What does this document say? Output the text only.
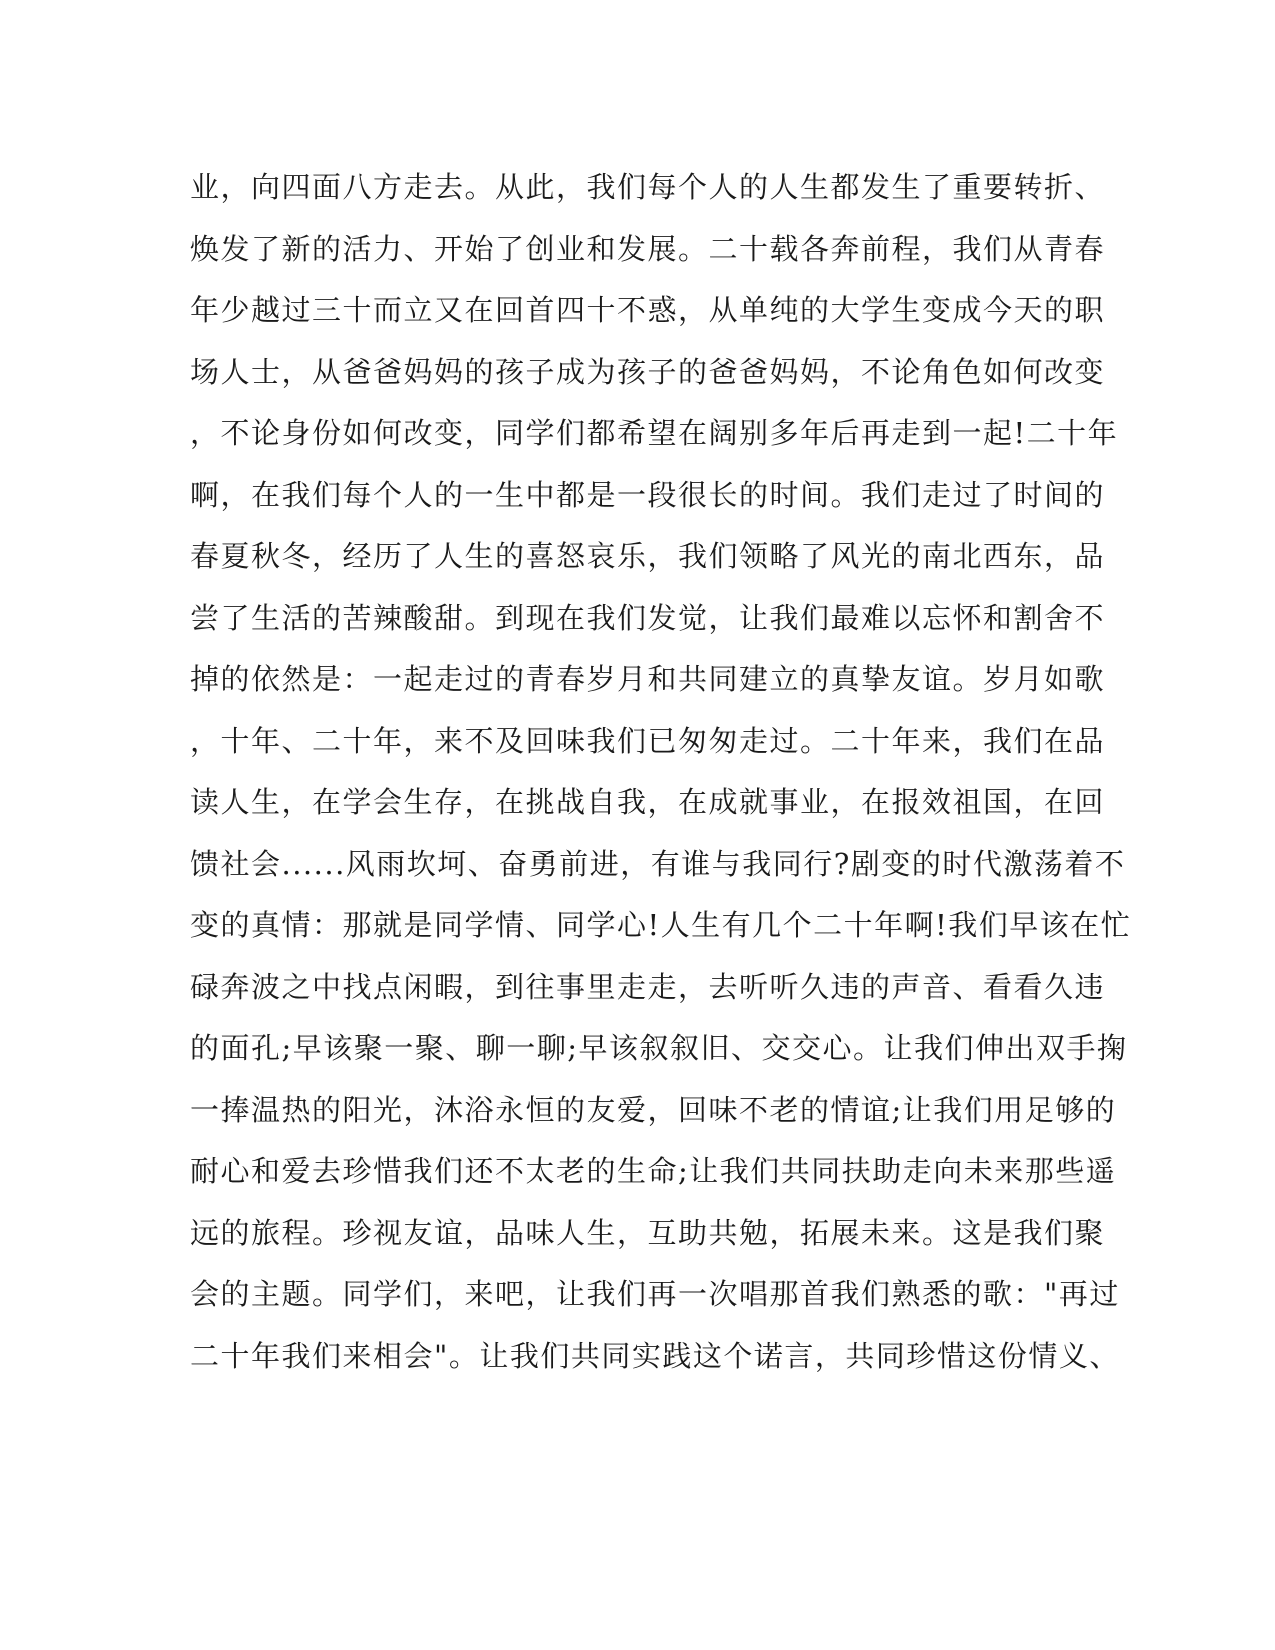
业，向四面八方走去。从此，我们每个人的人生都发生了重要转折、
焕发了新的活力、开始了创业和发展。二十载各奔前程，我们从青春
年少越过三十而立又在回首四十不惑，从单纯的大学生变成今天的职
场人士，从爸爸妈妈的孩子成为孩子的爸爸妈妈，不论角色如何改变
，不论身份如何改变，同学们都希望在阔别多年后再走到一起!二十年
啊，在我们每个人的一生中都是一段很长的时间。我们走过了时间的
春夏秋冬，经历了人生的喜怒哀乐，我们领略了风光的南北西东，品
尝了生活的苦辣酸甜。到现在我们发觉，让我们最难以忘怀和割舍不
掉的依然是：一起走过的青春岁月和共同建立的真挚友谊。岁月如歌
，十年、二十年，来不及回味我们已匆匆走过。二十年来，我们在品
读人生，在学会生存，在挑战自我，在成就事业，在报效祖国，在回
馈社会......风雨坎坷、奋勇前进，有谁与我同行?剧变的时代激荡着不
变的真情：那就是同学情、同学心!人生有几个二十年啊!我们早该在忙
碌奔波之中找点闲暇，到往事里走走，去听听久违的声音、看看久违
的面孔;早该聚一聚、聊一聊;早该叙叙旧、交交心。让我们伸出双手掬
一捧温热的阳光，沐浴永恒的友爱，回味不老的情谊;让我们用足够的
耐心和爱去珍惜我们还不太老的生命;让我们共同扶助走向未来那些遥
远的旅程。珍视友谊，品味人生，互助共勉，拓展未来。这是我们聚
会的主题。同学们，来吧，让我们再一次唱那首我们熟悉的歌："再过
二十年我们来相会"。让我们共同实践这个诺言，共同珍惜这份情义、
